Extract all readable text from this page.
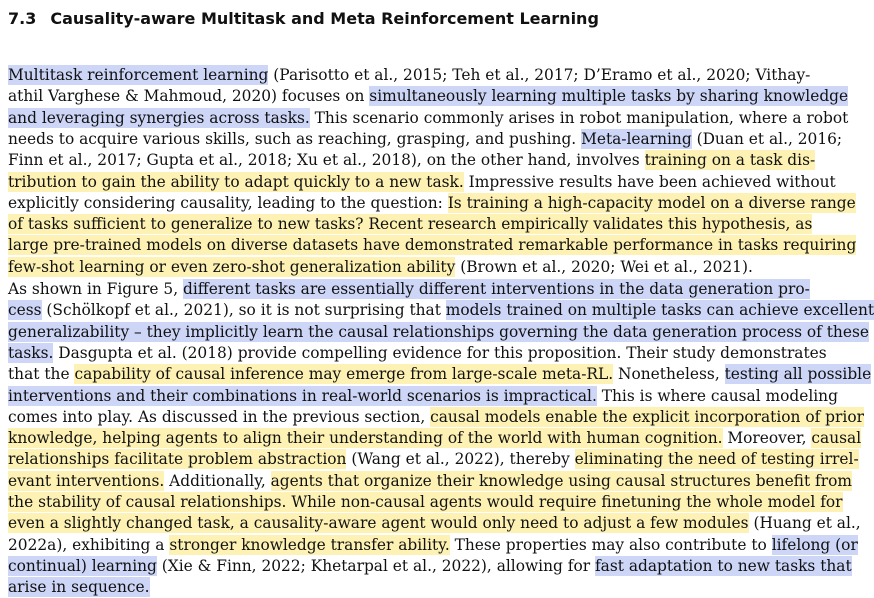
7.3 Causality-aware Multitask and Meta Reinforcement Learning
Multitask reinforcement learning (Parisotto et al., 2015; Teh et al., 2017; D’Eramo et al., 2020; Vithay-
athil Varghese & Mahmoud, 2020) focuses on simultaneously learning multiple tasks by sharing knowledge
and leveraging synergies across tasks. This scenario commonly arises in robot manipulation, where a robot
needs to acquire various skills, such as reaching, grasping, and pushing. Meta-learning (Duan et al., 2016;
Finn et al., 2017; Gupta et al., 2018; Xu et al., 2018), on the other hand, involves training on a task dis-
tribution to gain the ability to adapt quickly to a new task. Impressive results have been achieved without
explicitly considering causality, leading to the question: Is training a high-capacity model on a diverse range
of tasks sufficient to generalize to new tasks? Recent research empirically validates this hypothesis, as
large pre-trained models on diverse datasets have demonstrated remarkable performance in tasks requiring
few-shot learning or even zero-shot generalization ability (Brown et al., 2020; Wei et al., 2021).
As shown in Figure 5, different tasks are essentially different interventions in the data generation pro-
cess (Schölkopf et al., 2021), so it is not surprising that models trained on multiple tasks can achieve excellent
generalizability – they implicitly learn the causal relationships governing the data generation process of these
tasks. Dasgupta et al. (2018) provide compelling evidence for this proposition. Their study demonstrates
that the capability of causal inference may emerge from large-scale meta-RL. Nonetheless, testing all possible
interventions and their combinations in real-world scenarios is impractical. This is where causal modeling
comes into play. As discussed in the previous section, causal models enable the explicit incorporation of prior
knowledge, helping agents to align their understanding of the world with human cognition. Moreover, causal
relationships facilitate problem abstraction (Wang et al., 2022), thereby eliminating the need of testing irrel-
evant interventions. Additionally, agents that organize their knowledge using causal structures benefit from
the stability of causal relationships. While non-causal agents would require finetuning the whole model for
even a slightly changed task, a causality-aware agent would only need to adjust a few modules (Huang et al.,
2022a), exhibiting a stronger knowledge transfer ability. These properties may also contribute to lifelong (or
continual) learning (Xie & Finn, 2022; Khetarpal et al., 2022), allowing for fast adaptation to new tasks that
arise in sequence.
